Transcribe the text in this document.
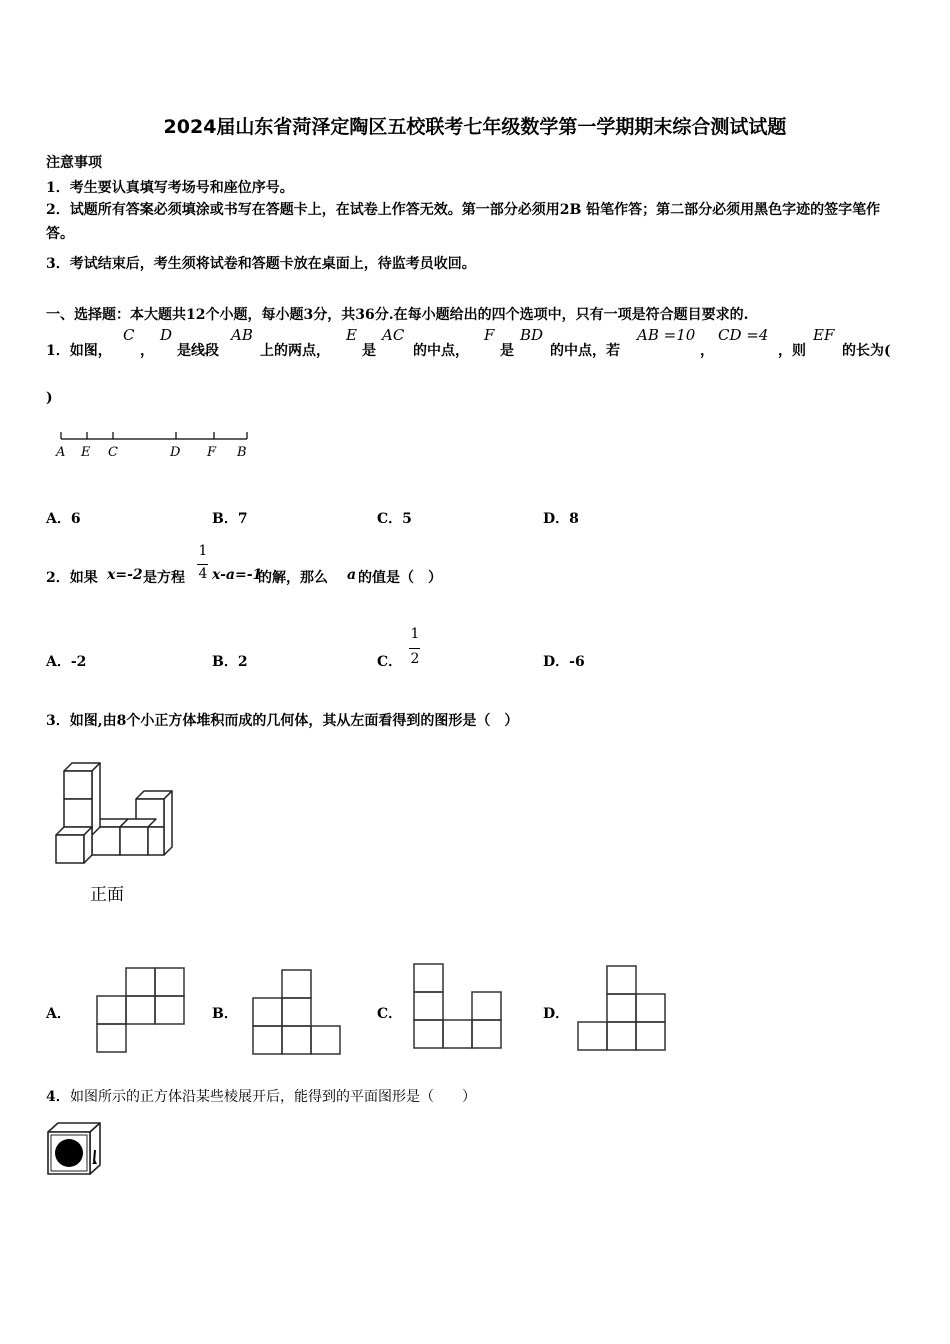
2024届山东省菏泽定陶区五校联考七年级数学第一学期期末综合测试试题
注意事项
1．考生要认真填写考场号和座位序号。
2．试题所有答案必须填涂或书写在答题卡上，在试卷上作答无效。第一部分必须用2B 铅笔作答；第二部分必须用黑色字迹的签字笔作答。
3．考试结束后，考生须将试卷和答题卡放在桌面上，待监考员收回。
一、选择题：本大题共12个小题，每小题3分，共36分.在每小题给出的四个选项中，只有一项是符合题目要求的.
1．如图，
C
，
D
是线段
AB
上的两点，
E
是
AC
的中点，
F
是
BD
的中点，若
AB =10
，
CD =4
，则
EF
的长为(
)
A E C	D F B
A．6	B．7	C．5	D．8
2．如果 x=-2 是方程
1
4 x-a=-1
的解，那么 a 的值是（　）
A．-2	B．2	C．
1
2	D．-6
3．如图,由8个小正方体堆积而成的几何体，其从左面看得到的图形是（　）
正面
A．	B．	C．	D．
4． 如图所示的正方体沿某些棱展开后，能得到的平面图形是（　　）
